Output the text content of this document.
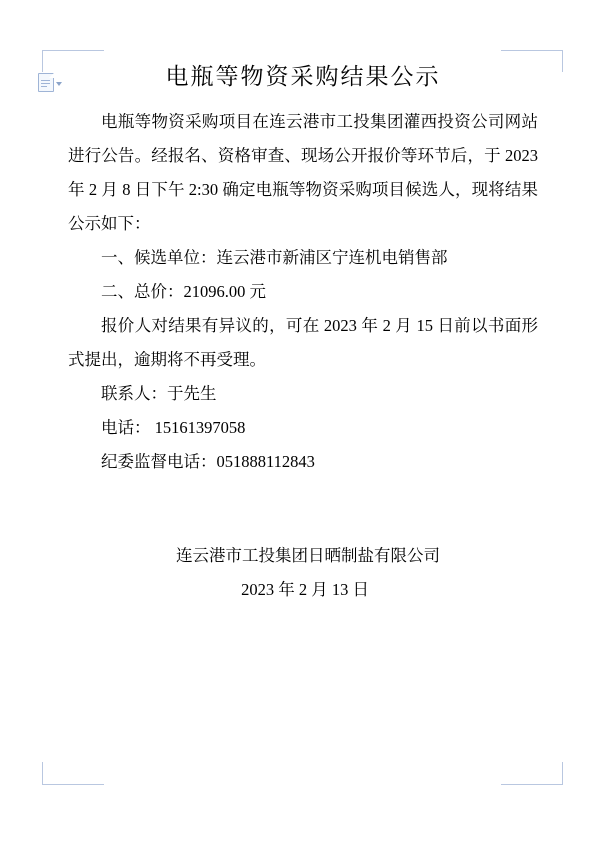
电瓶等物资采购结果公示

电瓶等物资采购项目在连云港市工投集团灌西投资公司网站进行公告。经报名、资格审查、现场公开报价等环节后，于 2023 年 2 月 8 日下午 2:30 确定电瓶等物资采购项目候选人，现将结果公示如下：

一、候选单位：连云港市新浦区宁连机电销售部

二、总价：21096.00 元

报价人对结果有异议的，可在 2023 年 2 月 15 日前以书面形式提出，逾期将不再受理。

联系人：于先生

电话： 15161397058

纪委监督电话：051888112843

连云港市工投集团日晒制盐有限公司
2023 年 2 月 13 日
